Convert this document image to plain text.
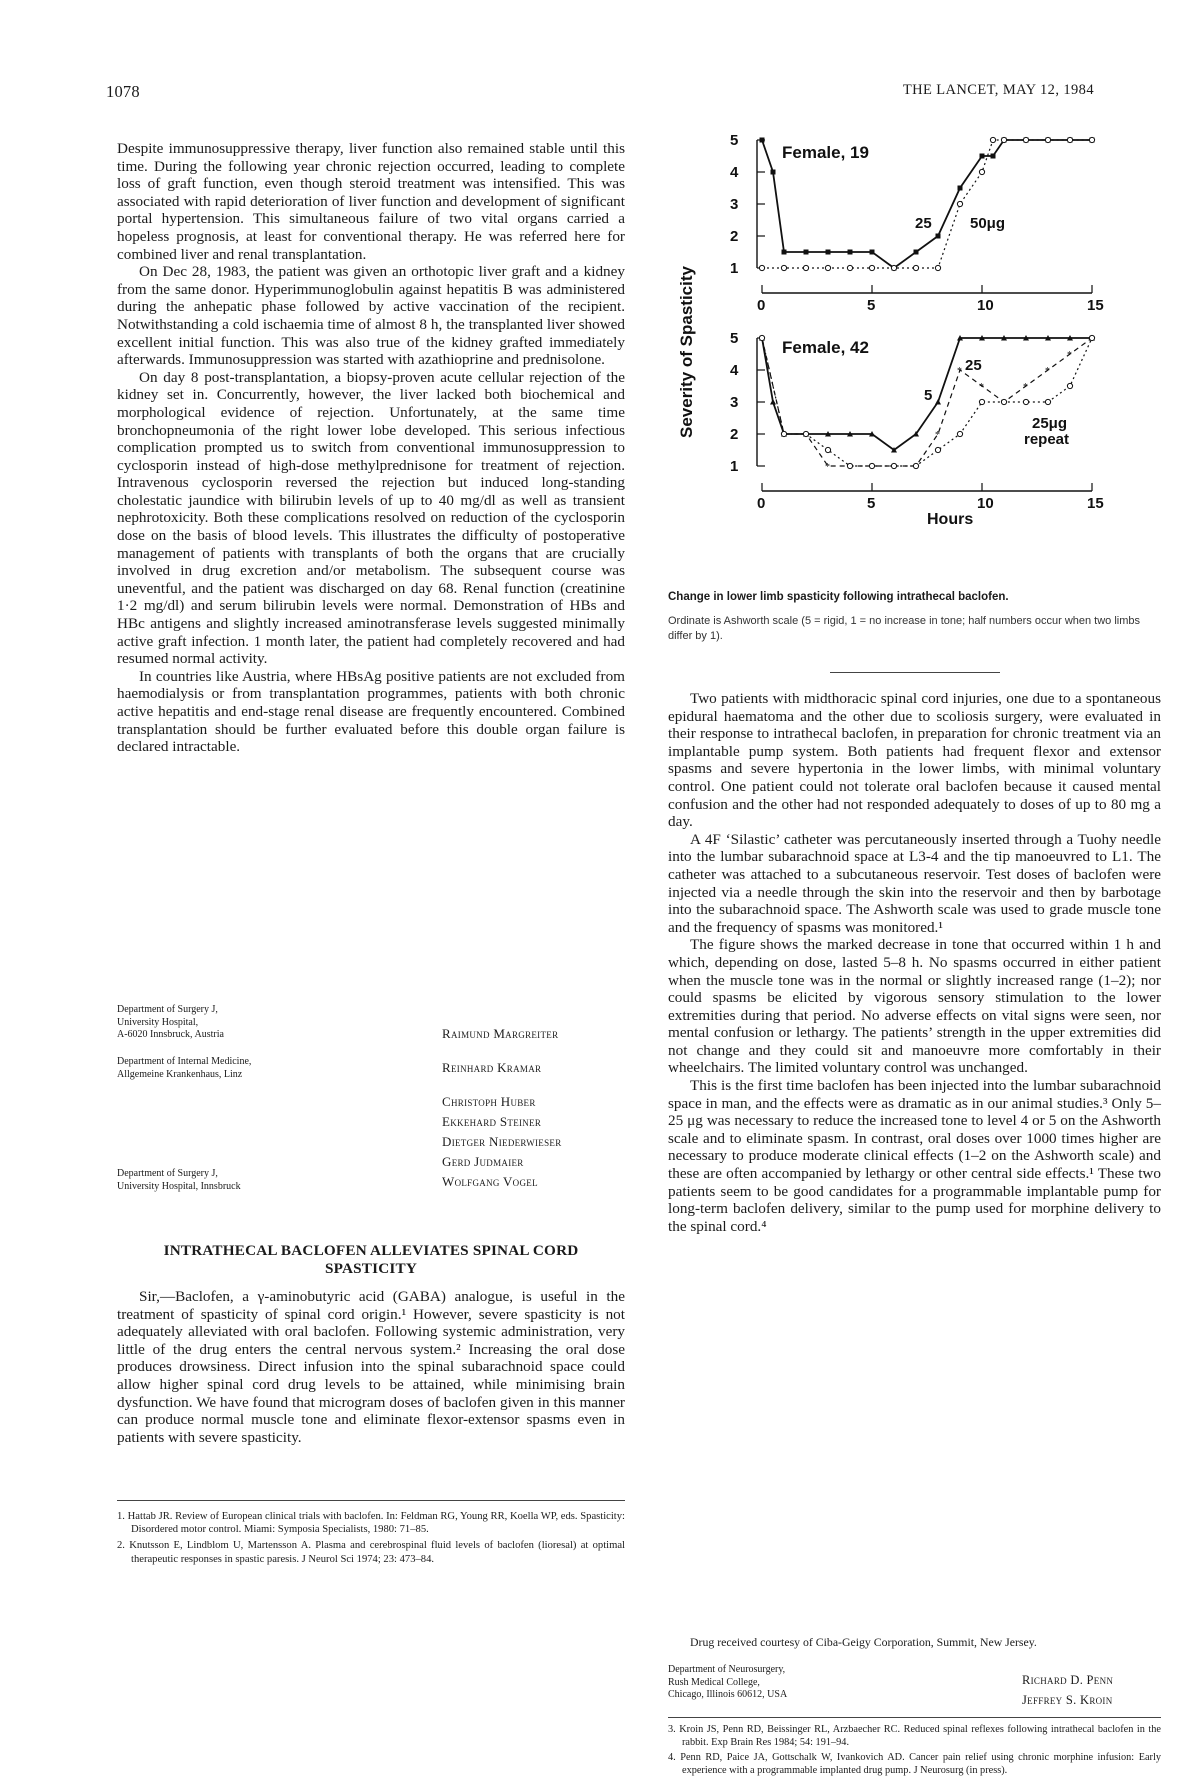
1078	THE LANCET, MAY 12, 1984

Despite immunosuppressive therapy, liver function also remained stable until this time. During the following year chronic rejection occurred, leading to complete loss of graft function, even though steroid treatment was intensified. This was associated with rapid deterioration of liver function and development of significant portal hypertension. This simultaneous failure of two vital organs carried a hopeless prognosis, at least for conventional therapy. He was referred here for combined liver and renal transplantation.

On Dec 28, 1983, the patient was given an orthotopic liver graft and a kidney from the same donor. Hyperimmunoglobulin against hepatitis B was administered during the anhepatic phase followed by active vaccination of the recipient. Notwithstanding a cold ischaemia time of almost 8 h, the transplanted liver showed excellent initial function. This was also true of the kidney grafted immediately afterwards. Immunosuppression was started with azathioprine and prednisolone.

On day 8 post-transplantation, a biopsy-proven acute cellular rejection of the kidney set in. Concurrently, however, the liver lacked both biochemical and morphological evidence of rejection. Unfortunately, at the same time bronchopneumonia of the right lower lobe developed. This serious infectious complication prompted us to switch from conventional immunosuppression to cyclosporin instead of high-dose methylprednisone for treatment of rejection. Intravenous cyclosporin reversed the rejection but induced long-standing cholestatic jaundice with bilirubin levels of up to 40 mg/dl as well as transient nephrotoxicity. Both these complications resolved on reduction of the cyclosporin dose on the basis of blood levels. This illustrates the difficulty of postoperative management of patients with transplants of both the organs that are crucially involved in drug excretion and/or metabolism. The subsequent course was uneventful, and the patient was discharged on day 68. Renal function (creatinine 1·2 mg/dl) and serum bilirubin levels were normal. Demonstration of HBs and HBc antigens and slightly increased aminotransferase levels suggested minimally active graft infection. 1 month later, the patient had completely recovered and had resumed normal activity.

In countries like Austria, where HBsAg positive patients are not excluded from haemodialysis or from transplantation programmes, patients with both chronic active hepatitis and end-stage renal disease are frequently encountered. Combined transplantation should be further evaluated before this double organ failure is declared intractable.

Department of Surgery J,
University Hospital,
A-6020 Innsbruck, Austria
Department of Internal Medicine,
Allgemeine Krankenhaus, Linz
Department of Surgery J,
University Hospital, Innsbruck
Raimund Margreiter
Reinhard Kramar
Christoph Huber
Ekkehard Steiner
Dietger Niederwieser
Gerd Judmaier
Wolfgang Vogel
INTRATHECAL BACLOFEN ALLEVIATES SPINAL CORD SPASTICITY

Sir,—Baclofen, a γ-aminobutyric acid (GABA) analogue, is useful in the treatment of spasticity of spinal cord origin.¹ However, severe spasticity is not adequately alleviated with oral baclofen. Following systemic administration, very little of the drug enters the central nervous system.² Increasing the oral dose produces drowsiness. Direct infusion into the spinal subarachnoid space could allow higher spinal cord drug levels to be attained, while minimising brain dysfunction. We have found that microgram doses of baclofen given in this manner can produce normal muscle tone and eliminate flexor-extensor spasms even in patients with severe spasticity.

1. Hattab JR. Review of European clinical trials with baclofen. In: Feldman RG, Young RR, Koella WP, eds. Spasticity: Disordered motor control. Miami: Symposia Specialists, 1980: 71–85.
2. Knutsson E, Lindblom U, Martensson A. Plasma and cerebrospinal fluid levels of baclofen (lioresal) at optimal therapeutic responses in spastic paresis. J Neurol Sci 1974; 23: 473–84.
1
2
3
4
5
0	5	10	15
1
2
3
4
5
0	5	10	15
*
*
*
*	*
*
*
Female, 19
25	50μg
Female, 42
25
5
25μg
repeat
Severity of Spasticity
Hours
Change in lower limb spasticity following intrathecal baclofen.
Ordinate is Ashworth scale (5 = rigid, 1 = no increase in tone; half numbers occur when two limbs differ by 1).

Two patients with midthoracic spinal cord injuries, one due to a spontaneous epidural haematoma and the other due to scoliosis surgery, were evaluated in their response to intrathecal baclofen, in preparation for chronic treatment via an implantable pump system. Both patients had frequent flexor and extensor spasms and severe hypertonia in the lower limbs, with minimal voluntary control. One patient could not tolerate oral baclofen because it caused mental confusion and the other had not responded adequately to doses of up to 80 mg a day.

A 4F ‘Silastic’ catheter was percutaneously inserted through a Tuohy needle into the lumbar subarachnoid space at L3-4 and the tip manoeuvred to L1. The catheter was attached to a subcutaneous reservoir. Test doses of baclofen were injected via a needle through the skin into the reservoir and then by barbotage into the subarachnoid space. The Ashworth scale was used to grade muscle tone and the frequency of spasms was monitored.¹

The figure shows the marked decrease in tone that occurred within 1 h and which, depending on dose, lasted 5–8 h. No spasms occurred in either patient when the muscle tone was in the normal or slightly increased range (1–2); nor could spasms be elicited by vigorous sensory stimulation to the lower extremities during that period. No adverse effects on vital signs were seen, nor mental confusion or lethargy. The patients’ strength in the upper extremities did not change and they could sit and manoeuvre more comfortably in their wheelchairs. The limited voluntary control was unchanged.

This is the first time baclofen has been injected into the lumbar subarachnoid space in man, and the effects were as dramatic as in our animal studies.³ Only 5–25 μg was necessary to reduce the increased tone to level 4 or 5 on the Ashworth scale and to eliminate spasm. In contrast, oral doses over 1000 times higher are necessary to produce moderate clinical effects (1–2 on the Ashworth scale) and these are often accompanied by lethargy or other central side effects.¹ These two patients seem to be good candidates for a programmable implantable pump for long-term baclofen delivery, similar to the pump used for morphine delivery to the spinal cord.⁴

Drug received courtesy of Ciba-Geigy Corporation, Summit, New Jersey.
Department of Neurosurgery,
Rush Medical College,
Chicago, Illinois 60612, USA
Richard D. Penn
Jeffrey S. Kroin
3. Kroin JS, Penn RD, Beissinger RL, Arzbaecher RC. Reduced spinal reflexes following intrathecal baclofen in the rabbit. Exp Brain Res 1984; 54: 191–94.
4. Penn RD, Paice JA, Gottschalk W, Ivankovich AD. Cancer pain relief using chronic morphine infusion: Early experience with a programmable implanted drug pump. J Neurosurg (in press).
